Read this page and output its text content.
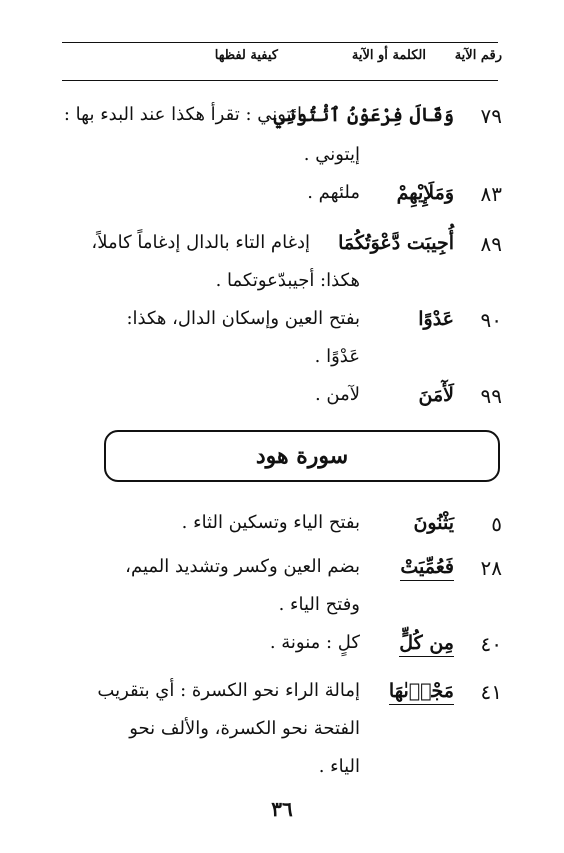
رقم الآية
الكلمة أو الآية
كيفية لفظها
٧٩
وَقَالَ فِرْعَوْنُ ٱئْتُونِي
ائتوني : تقرأ هكذا عند البدء بها :
إيتوني .
٨٣
وَمَلَإِيْهِمْ
ملئهم .
٨٩
أُجِيبَت دَّعْوَتُكُمَا
إدغام التاء بالدال إدغاماً كاملاً،
هكذا: أجيبدّعوتكما .
٩٠
عَدْوًا
بفتح العين وإسكان الدال، هكذا:
عَدْوًا .
٩٩
لَأٓمَنَ
لآمن .
سورة هود
٥
يَثْنُونَ
بفتح الياء وتسكين الثاء .
٢٨
فَعُمِّيَتْ
بضم العين وكسر وتشديد الميم،
وفتح الياء .
٤٠
مِن كُلٍّ
كلٍ : منونة .
٤١
مَجْرٖىٰهَا
إمالة الراء نحو الكسرة : أي بتقريب
الفتحة نحو الكسرة، والألف نحو
الياء .
٣٦
